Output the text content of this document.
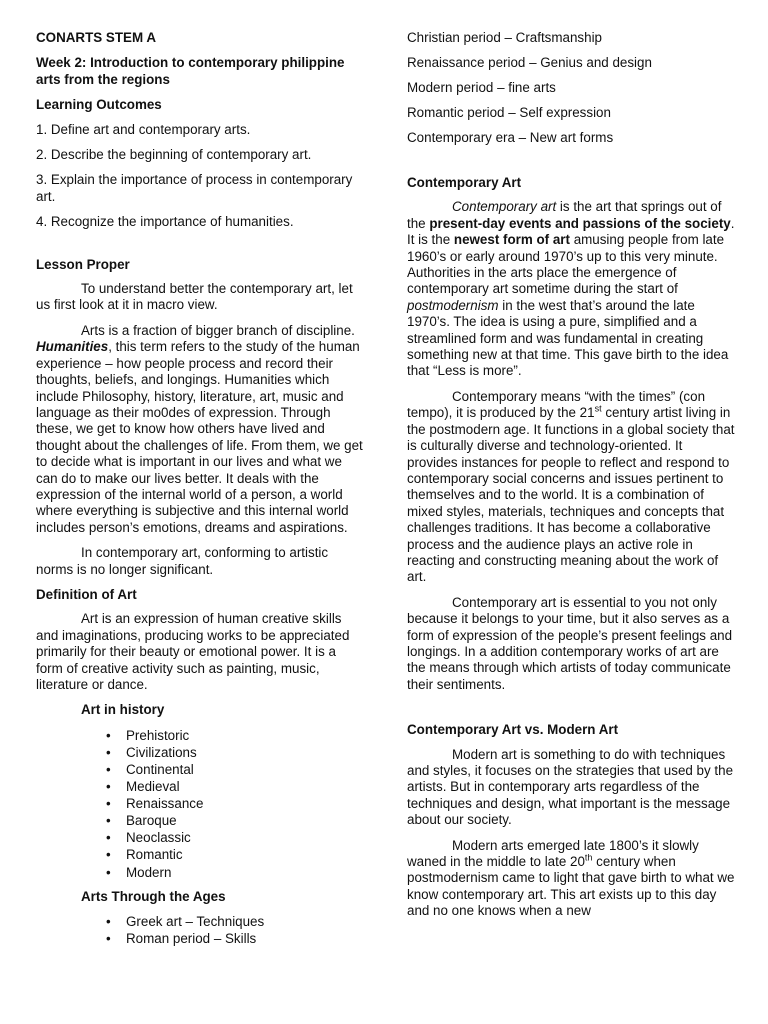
CONARTS STEM A

Week 2: Introduction to contemporary philippine arts from the regions

Learning Outcomes

1. Define art and contemporary arts.

2. Describe the beginning of contemporary art.

3. Explain the importance of process in contemporary art.

4. Recognize the importance of humanities.

Lesson Proper

To understand better the contemporary art, let us first look at it in macro view.

Arts is a fraction of bigger branch of discipline. Humanities, this term refers to the study of the human experience – how people process and record their thoughts, beliefs, and longings. Humanities which include Philosophy, history, literature, art, music and language as their mo0des of expression. Through these, we get to know how others have lived and thought about the challenges of life. From them, we get to decide what is important in our lives and what we can do to make our lives better. It deals with the expression of the internal world of a person, a world where everything is subjective and this internal world includes person’s emotions, dreams and aspirations.

In contemporary art, conforming to artistic norms is no longer significant.

Definition of Art

Art is an expression of human creative skills and imaginations, producing works to be appreciated primarily for their beauty or emotional power. It is a form of creative activity such as painting, music, literature or dance.

Art in history

• Prehistoric
• Civilizations
• Continental
• Medieval
• Renaissance
• Baroque
• Neoclassic
• Romantic
• Modern

Arts Through the Ages

• Greek art – Techniques
• Roman period – Skills

Christian period – Craftsmanship

Renaissance period – Genius and design

Modern period – fine arts

Romantic period – Self expression

Contemporary era – New art forms

Contemporary Art

Contemporary art is the art that springs out of the present-day events and passions of the society. It is the newest form of art amusing people from late 1960’s or early around 1970’s up to this very minute. Authorities in the arts place the emergence of contemporary art sometime during the start of postmodernism in the west that’s around the late 1970’s. The idea is using a pure, simplified and a streamlined form and was fundamental in creating something new at that time. This gave birth to the idea that “Less is more”.

Contemporary means “with the times” (con tempo), it is produced by the 21st century artist living in the postmodern age. It functions in a global society that is culturally diverse and technology-oriented. It provides instances for people to reflect and respond to contemporary social concerns and issues pertinent to themselves and to the world. It is a combination of mixed styles, materials, techniques and concepts that challenges traditions. It has become a collaborative process and the audience plays an active role in reacting and constructing meaning about the work of art.

Contemporary art is essential to you not only because it belongs to your time, but it also serves as a form of expression of the people’s present feelings and longings. In a addition contemporary works of art are the means through which artists of today communicate their sentiments.

Contemporary Art vs. Modern Art

Modern art is something to do with techniques and styles, it focuses on the strategies that used by the artists. But in contemporary arts regardless of the techniques and design, what important is the message about our society.

Modern arts emerged late 1800’s it slowly waned in the middle to late 20th century when postmodernism came to light that gave birth to what we know contemporary art. This art exists up to this day and no one knows when a new
